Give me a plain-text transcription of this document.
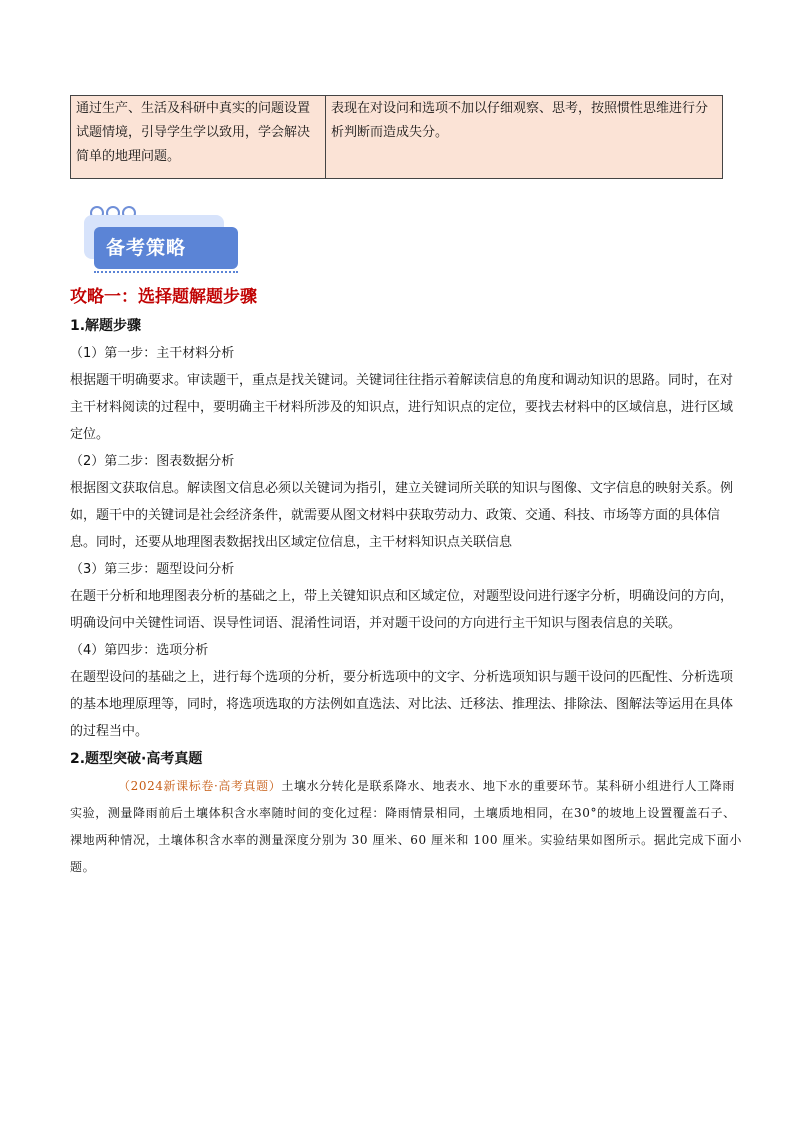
通过生产、生活及科研中真实的问题设置试题情境，引导学生学以致用，学会解决简单的地理问题。	表现在对设问和选项不加以仔细观察、思考，按照惯性思维进行分析判断而造成失分。
备考策略

攻略一：选择题解题步骤

1.解题步骤

（1）第一步：主干材料分析

根据题干明确要求。审读题干，重点是找关键词。关键词往往指示着解读信息的角度和调动知识的思路。同时，在对主干材料阅读的过程中，要明确主干材料所涉及的知识点，进行知识点的定位，要找去材料中的区域信息，进行区域定位。

（2）第二步：图表数据分析

根据图文获取信息。解读图文信息必须以关键词为指引，建立关键词所关联的知识与图像、文字信息的映射关系。例如，题干中的关键词是社会经济条件，就需要从图文材料中获取劳动力、政策、交通、科技、市场等方面的具体信息。同时，还要从地理图表数据找出区域定位信息，主干材料知识点关联信息

（3）第三步：题型设问分析

在题干分析和地理图表分析的基础之上，带上关键知识点和区域定位，对题型设问进行逐字分析，明确设问的方向，明确设问中关键性词语、误导性词语、混淆性词语，并对题干设问的方向进行主干知识与图表信息的关联。

（4）第四步：选项分析

在题型设问的基础之上，进行每个选项的分析，要分析选项中的文字、分析选项知识与题干设问的匹配性、分析选项的基本地理原理等，同时，将选项选取的方法例如直选法、对比法、迁移法、推理法、排除法、图解法等运用在具体的过程当中。

2.题型突破·高考真题

（2024新课标卷·高考真题）土壤水分转化是联系降水、地表水、地下水的重要环节。某科研小组进行人工降雨实验，测量降雨前后土壤体积含水率随时间的变化过程：降雨情景相同，土壤质地相同，在30°的坡地上设置覆盖石子、裸地两种情况，土壤体积含水率的测量深度分别为 30 厘米、60 厘米和 100 厘米。实验结果如图所示。据此完成下面小题。
